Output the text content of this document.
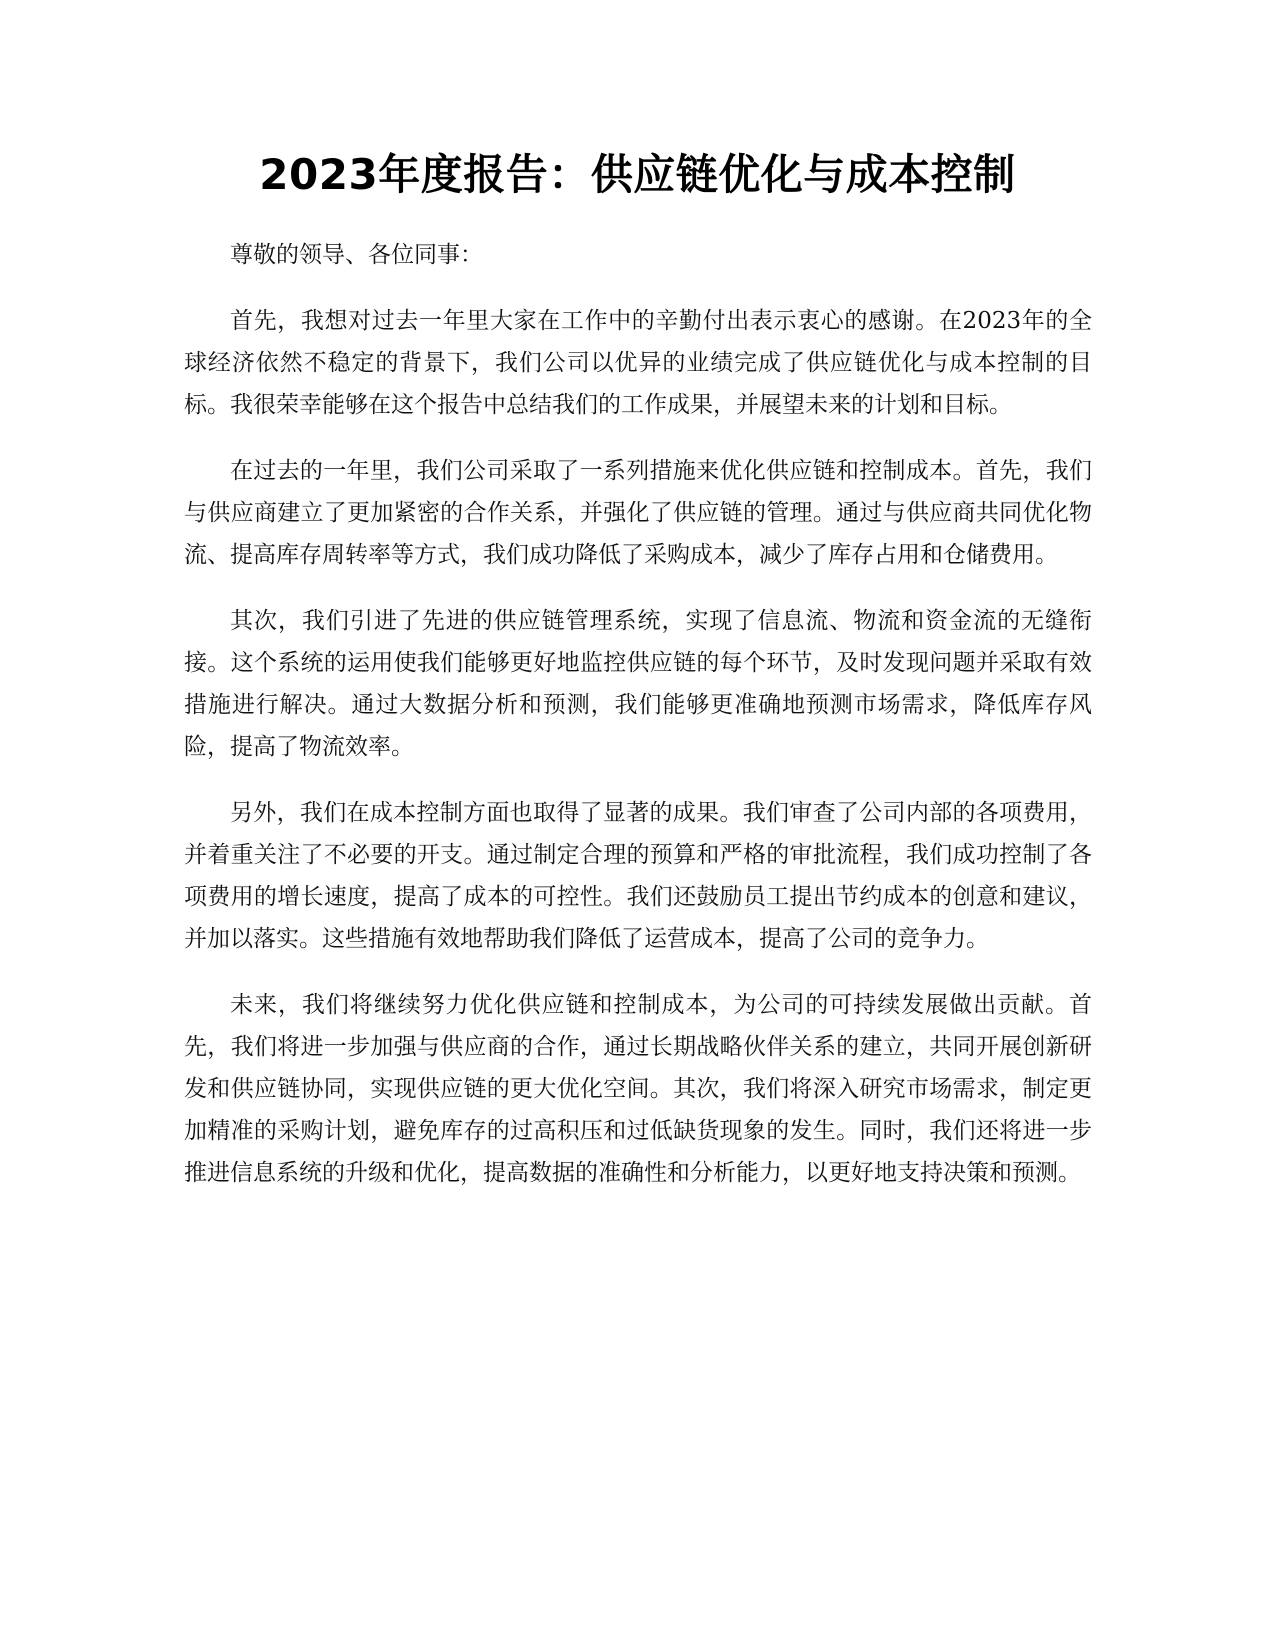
2023年度报告：供应链优化与成本控制

尊敬的领导、各位同事：

首先，我想对过去一年里大家在工作中的辛勤付出表示衷心的感谢。在2023年的全球经济依然不稳定的背景下，我们公司以优异的业绩完成了供应链优化与成本控制的目标。我很荣幸能够在这个报告中总结我们的工作成果，并展望未来的计划和目标。

在过去的一年里，我们公司采取了一系列措施来优化供应链和控制成本。首先，我们与供应商建立了更加紧密的合作关系，并强化了供应链的管理。通过与供应商共同优化物流、提高库存周转率等方式，我们成功降低了采购成本，减少了库存占用和仓储费用。

其次，我们引进了先进的供应链管理系统，实现了信息流、物流和资金流的无缝衔接。这个系统的运用使我们能够更好地监控供应链的每个环节，及时发现问题并采取有效措施进行解决。通过大数据分析和预测，我们能够更准确地预测市场需求，降低库存风险，提高了物流效率。

另外，我们在成本控制方面也取得了显著的成果。我们审查了公司内部的各项费用，并着重关注了不必要的开支。通过制定合理的预算和严格的审批流程，我们成功控制了各项费用的增长速度，提高了成本的可控性。我们还鼓励员工提出节约成本的创意和建议，并加以落实。这些措施有效地帮助我们降低了运营成本，提高了公司的竞争力。

未来，我们将继续努力优化供应链和控制成本，为公司的可持续发展做出贡献。首先，我们将进一步加强与供应商的合作，通过长期战略伙伴关系的建立，共同开展创新研发和供应链协同，实现供应链的更大优化空间。其次，我们将深入研究市场需求，制定更加精准的采购计划，避免库存的过高积压和过低缺货现象的发生。同时，我们还将进一步推进信息系统的升级和优化，提高数据的准确性和分析能力，以更好地支持决策和预测。
